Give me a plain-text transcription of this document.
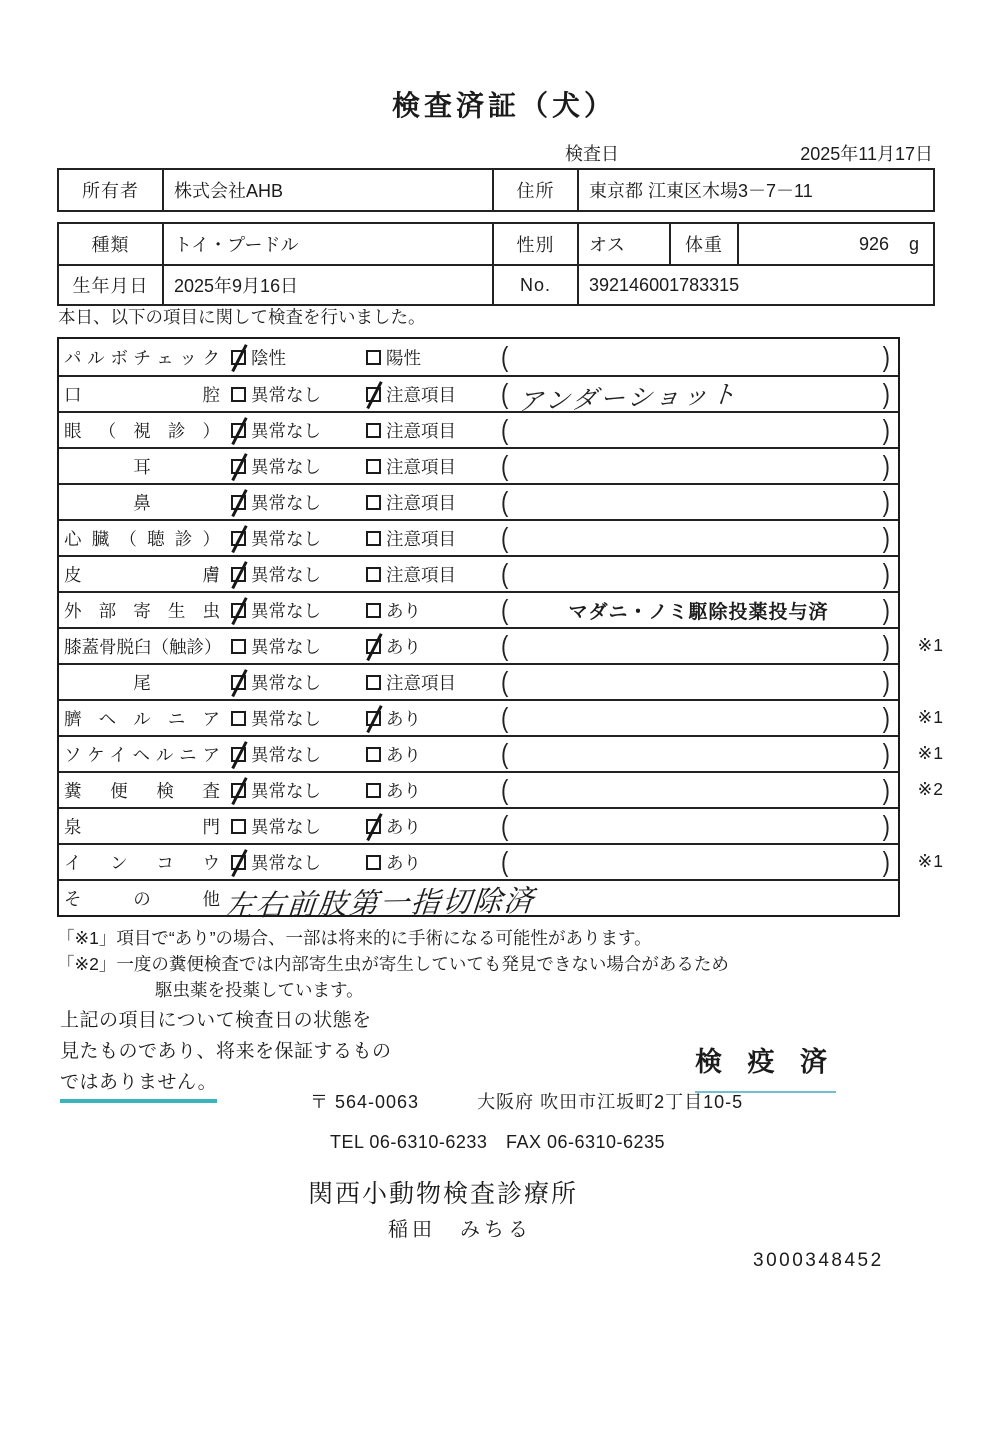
検査済証（犬）
検査日	2025年11月17日
所有者	株式会社AHB	住所	東京都 江東区木場3－7－11
種類	トイ・プードル	性別	オス	体重	926 g
生年月日	2025年9月16日	No.	392146001783315
本日、以下の項目に関して検査を行いました。
パルボチェック 陰性	陽性	(	)
口腔 異常なし	注意項目 ( アンダーショット	)
眼（視診） 異常なし	注意項目 (	)
耳	異常なし	注意項目 (	)
鼻	異常なし	注意項目 (	)
心臓（聴診） 異常なし	注意項目 (	)
皮膚 異常なし	注意項目 (	)
外部寄生虫 異常なし	あり	(	マダニ・ノミ駆除投薬投与済	)
膝蓋骨脱臼（触診） 異常なし	あり	(	) ※1
尾	異常なし	注意項目 (	)
臍ヘルニア 異常なし	あり	(	) ※1
ソケイヘルニア 異常なし	あり	(	) ※1
糞便検査 異常なし	あり	(	) ※2
泉門 異常なし	あり	(	)
インコウ 異常なし	あり	(	) ※1
その他 左右前肢第一指切除済
「※1」項目で“あり”の場合、一部は将来的に手術になる可能性があります。
「※2」一度の糞便検査では内部寄生虫が寄生していても発見できない場合があるため
駆虫薬を投薬しています。
上記の項目について検査日の状態を
見たものであり、将来を保証するもの
ではありません。
検 疫 済
〒 564-0063	大阪府 吹田市江坂町2丁目10-5
TEL 06-6310-6233　FAX 06-6310-6235
関西小動物検査診療所
稲田　みちる
3000348452
